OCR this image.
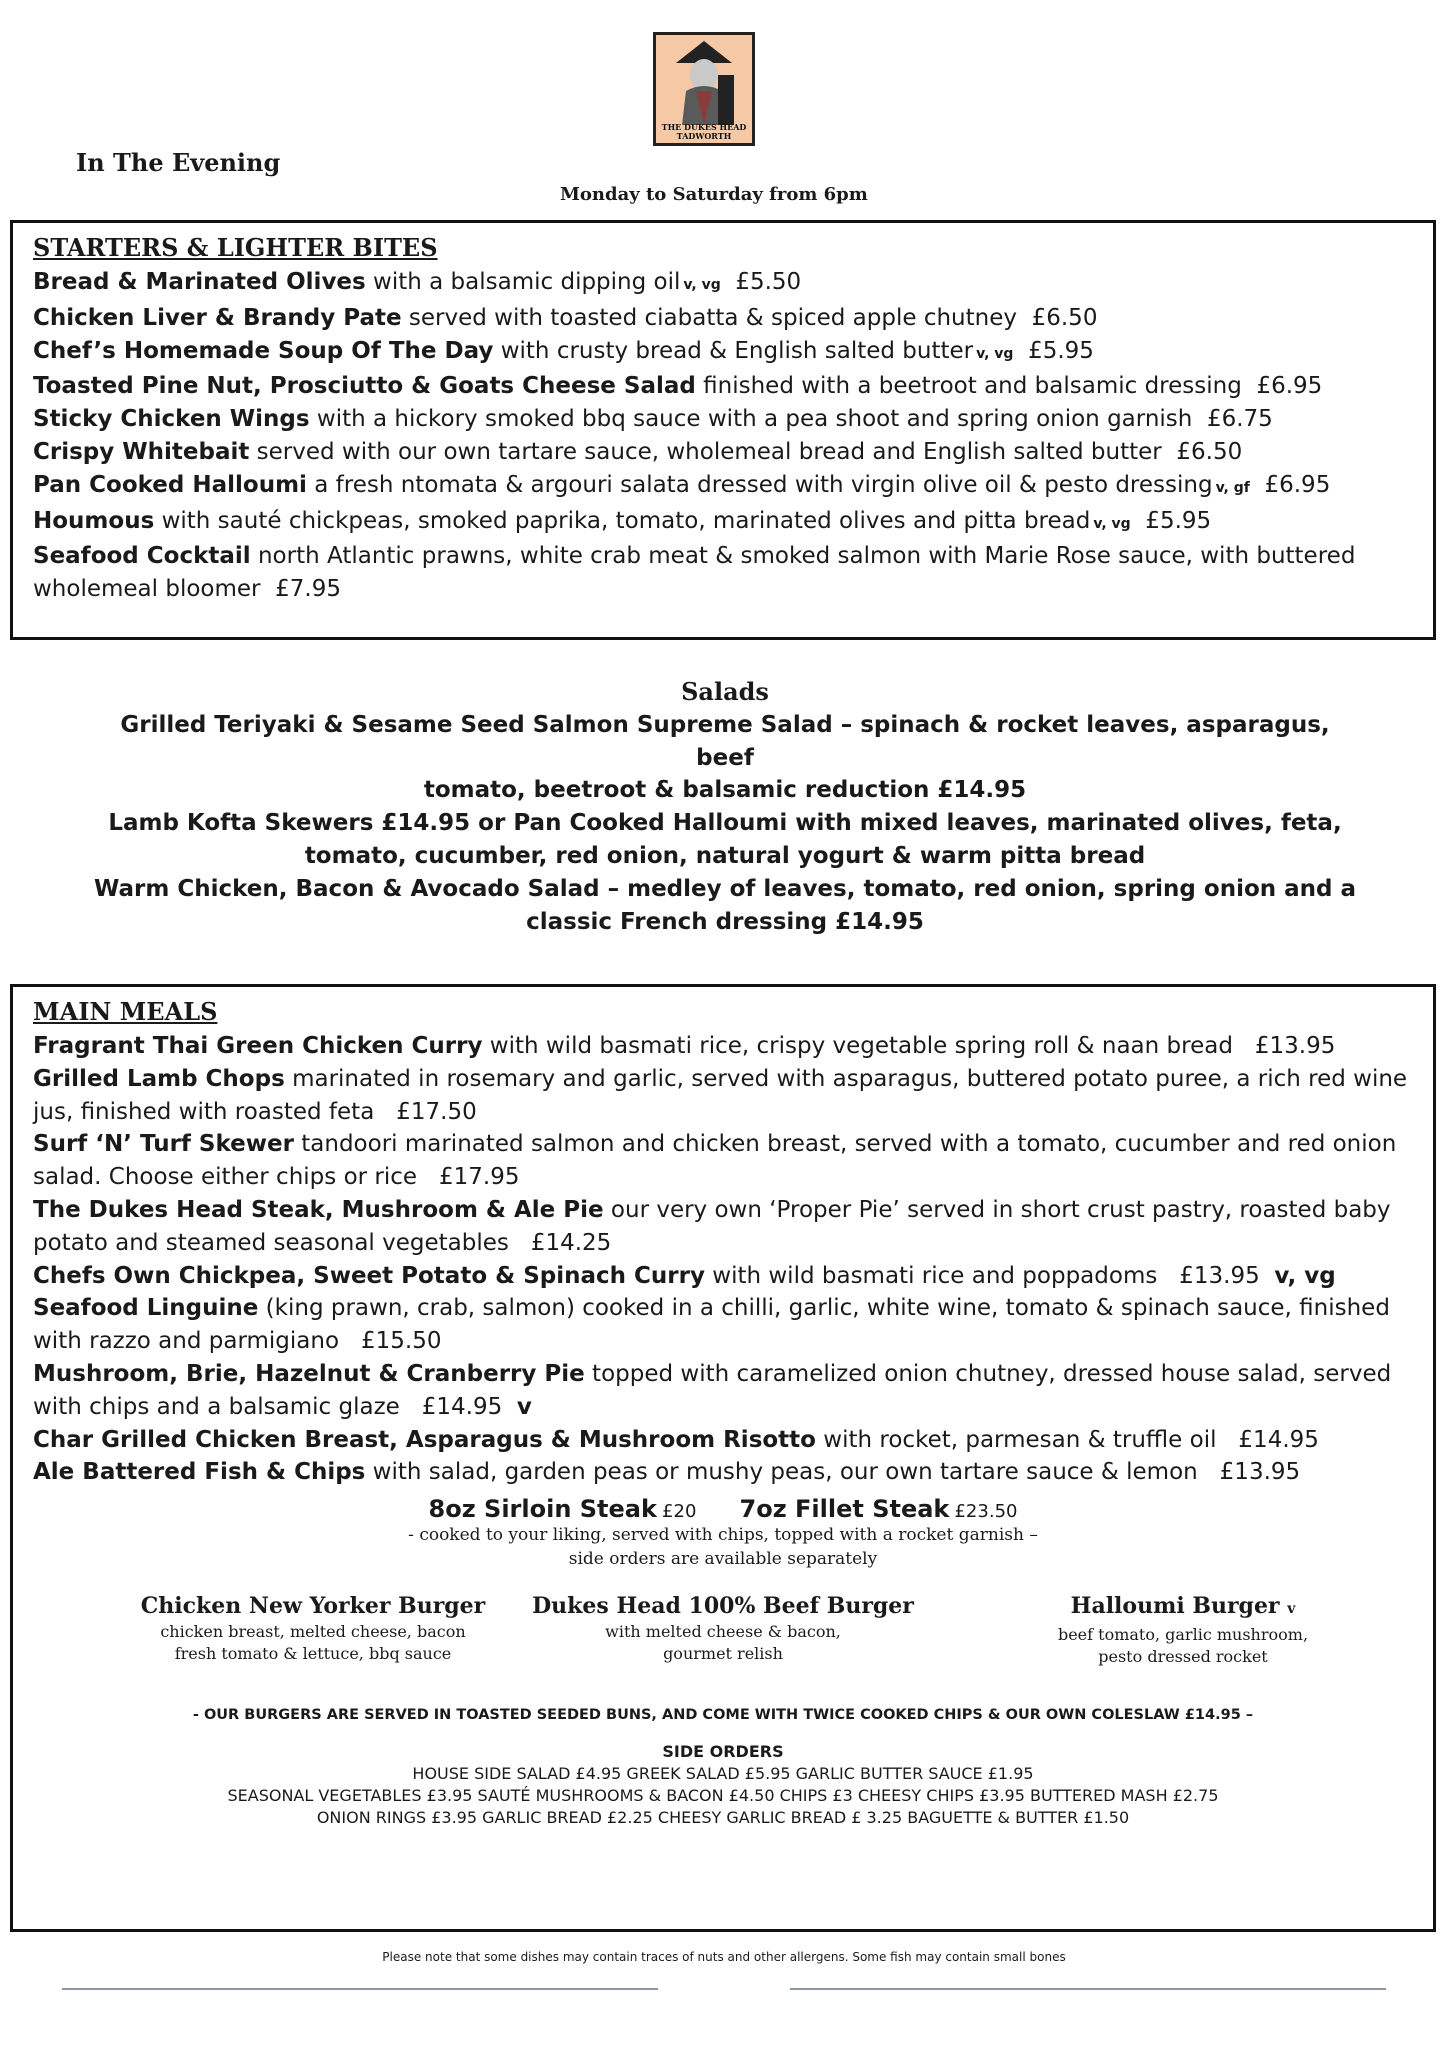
THE DUKES HEAD
TADWORTH
In The Evening
Monday to Saturday from 6pm
STARTERS & LIGHTER BITES
Bread & Marinated Olives with a balsamic dipping oil v, vg £5.50
Chicken Liver & Brandy Pate served with toasted ciabatta & spiced apple chutney £6.50
Chef’s Homemade Soup Of The Day with crusty bread & English salted butter v, vg £5.95
Toasted Pine Nut, Prosciutto & Goats Cheese Salad finished with a beetroot and balsamic dressing £6.95
Sticky Chicken Wings with a hickory smoked bbq sauce with a pea shoot and spring onion garnish £6.75
Crispy Whitebait served with our own tartare sauce, wholemeal bread and English salted butter £6.50
Pan Cooked Halloumi a fresh ntomata & argouri salata dressed with virgin olive oil & pesto dressing v, gf £6.95
Houmous with sauté chickpeas, smoked paprika, tomato, marinated olives and pitta bread v, vg £5.95
Seafood Cocktail north Atlantic prawns, white crab meat & smoked salmon with Marie Rose sauce, with buttered wholemeal bloomer £7.95
Salads
Grilled Teriyaki & Sesame Seed Salmon Supreme Salad – spinach & rocket leaves, asparagus, beef
tomato, beetroot & balsamic reduction £14.95
Lamb Kofta Skewers £14.95 or Pan Cooked Halloumi with mixed leaves, marinated olives, feta,
tomato, cucumber, red onion, natural yogurt & warm pitta bread
Warm Chicken, Bacon & Avocado Salad – medley of leaves, tomato, red onion, spring onion and a
classic French dressing £14.95
MAIN MEALS
Fragrant Thai Green Chicken Curry with wild basmati rice, crispy vegetable spring roll & naan bread £13.95
Grilled Lamb Chops marinated in rosemary and garlic, served with asparagus, buttered potato puree, a rich red wine jus, finished with roasted feta £17.50
Surf ‘N’ Turf Skewer tandoori marinated salmon and chicken breast, served with a tomato, cucumber and red onion salad. Choose either chips or rice £17.95
The Dukes Head Steak, Mushroom & Ale Pie our very own ‘Proper Pie’ served in short crust pastry, roasted baby potato and steamed seasonal vegetables £14.25
Chefs Own Chickpea, Sweet Potato & Spinach Curry with wild basmati rice and poppadoms £13.95 v, vg
Seafood Linguine (king prawn, crab, salmon) cooked in a chilli, garlic, white wine, tomato & spinach sauce, finished with razzo and parmigiano £15.50
Mushroom, Brie, Hazelnut & Cranberry Pie topped with caramelized onion chutney, dressed house salad, served with chips and a balsamic glaze £14.95 v
Char Grilled Chicken Breast, Asparagus & Mushroom Risotto with rocket, parmesan & truffle oil £14.95
Ale Battered Fish & Chips with salad, garden peas or mushy peas, our own tartare sauce & lemon £13.95
8oz Sirloin Steak £20 7oz Fillet Steak £23.50
- cooked to your liking, served with chips, topped with a rocket garnish –
side orders are available separately
Chicken New Yorker Burger
chicken breast, melted cheese, bacon
fresh tomato & lettuce, bbq sauce
Dukes Head 100% Beef Burger
with melted cheese & bacon,
gourmet relish
Halloumi Burger v
beef tomato, garlic mushroom,
pesto dressed rocket
- OUR BURGERS ARE SERVED IN TOASTED SEEDED BUNS, AND COME WITH TWICE COOKED CHIPS & OUR OWN COLESLAW £14.95 –
SIDE ORDERS
HOUSE SIDE SALAD £4.95 GREEK SALAD £5.95 GARLIC BUTTER SAUCE £1.95
SEASONAL VEGETABLES £3.95 SAUTÉ MUSHROOMS & BACON £4.50 CHIPS £3 CHEESY CHIPS £3.95 BUTTERED MASH £2.75
ONION RINGS £3.95 GARLIC BREAD £2.25 CHEESY GARLIC BREAD £ 3.25 BAGUETTE & BUTTER £1.50
Please note that some dishes may contain traces of nuts and other allergens. Some fish may contain small bones
